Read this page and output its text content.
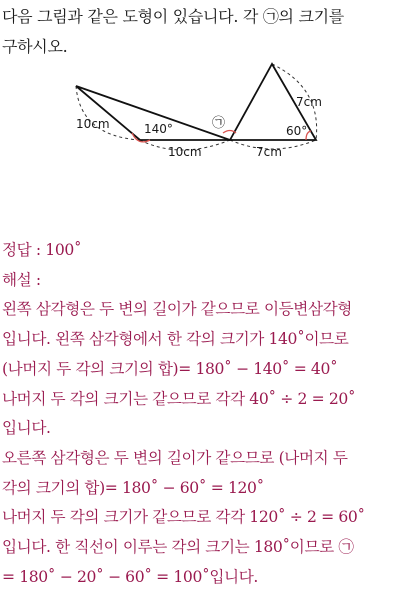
다음 그림과 같은 도형이 있습니다. 각 ㉠의 크기를
구하시오.
10cm	140°
10cm	7cm
7cm
60°
㉠
정답 : 100˚
해설 :
왼쪽 삼각형은 두 변의 길이가 같으므로 이등변삼각형
입니다. 왼쪽 삼각형에서 한 각의 크기가 140˚이므로
(나머지 두 각의 크기의 합)= 180˚ − 140˚ = 40˚
나머지 두 각의 크기는 같으므로 각각 40˚ ÷ 2 = 20˚
입니다.
오른쪽 삼각형은 두 변의 길이가 같으므로 (나머지 두
각의 크기의 합)= 180˚ − 60˚ = 120˚
나머지 두 각의 크기가 같으므로 각각 120˚ ÷ 2 = 60˚
입니다. 한 직선이 이루는 각의 크기는 180˚이므로 ㉠
= 180˚ − 20˚ − 60˚ = 100˚입니다.
